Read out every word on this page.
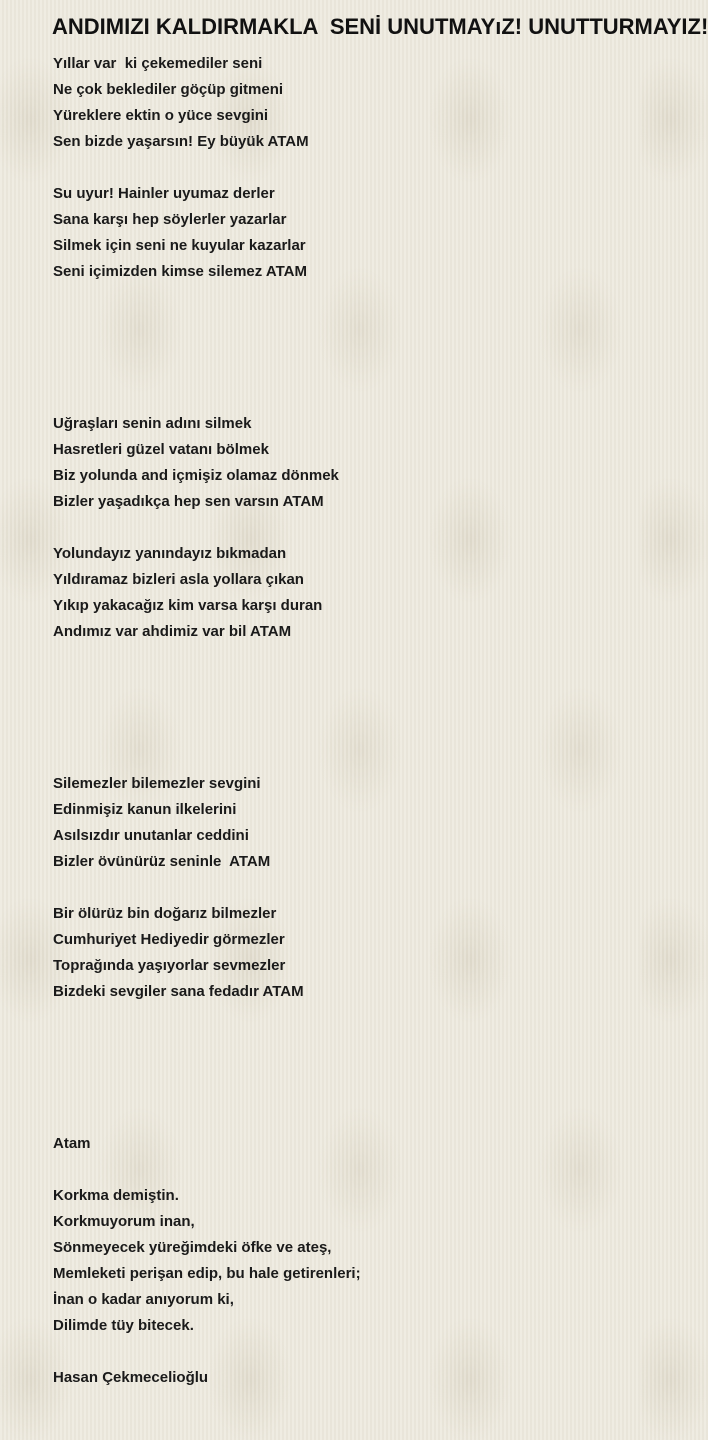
ANDIMIZI KALDIRMAKLA  SENİ UNUTMAYıZ! UNUTTURMAYIZ!
Yıllar var  ki çekemediler seni
Ne çok beklediler göçüp gitmeni
Yüreklere ektin o yüce sevgini
Sen bizde yaşarsın! Ey büyük ATAM
Su uyur! Hainler uyumaz derler
Sana karşı hep söylerler yazarlar
Silmek için seni ne kuyular kazarlar
Seni içimizden kimse silemez ATAM
Uğraşları senin adını silmek
Hasretleri güzel vatanı bölmek
Biz yolunda and içmişiz olamaz dönmek
Bizler yaşadıkça hep sen varsın ATAM
Yolundayız yanındayız bıkmadan
Yıldıramaz bizleri asla yollara çıkan
Yıkıp yakacağız kim varsa karşı duran
Andımız var ahdimiz var bil ATAM
Silemezler bilemezler sevgini
Edinmişiz kanun ilkelerini
Asılsızdır unutanlar ceddini
Bizler övünürüz seninle  ATAM
Bir ölürüz bin doğarız bilmezler
Cumhuriyet Hediyedir görmezler
Toprağında yaşıyorlar sevmezler
Bizdeki sevgiler sana fedadır ATAM
Atam
Korkma demiştin.
Korkmuyorum inan,
Sönmeyecek yüreğimdeki öfke ve ateş,
Memleketi perişan edip, bu hale getirenleri;
İnan o kadar anıyorum ki,
Dilimde tüy bitecek.
Hasan Çekmecelioğlu
